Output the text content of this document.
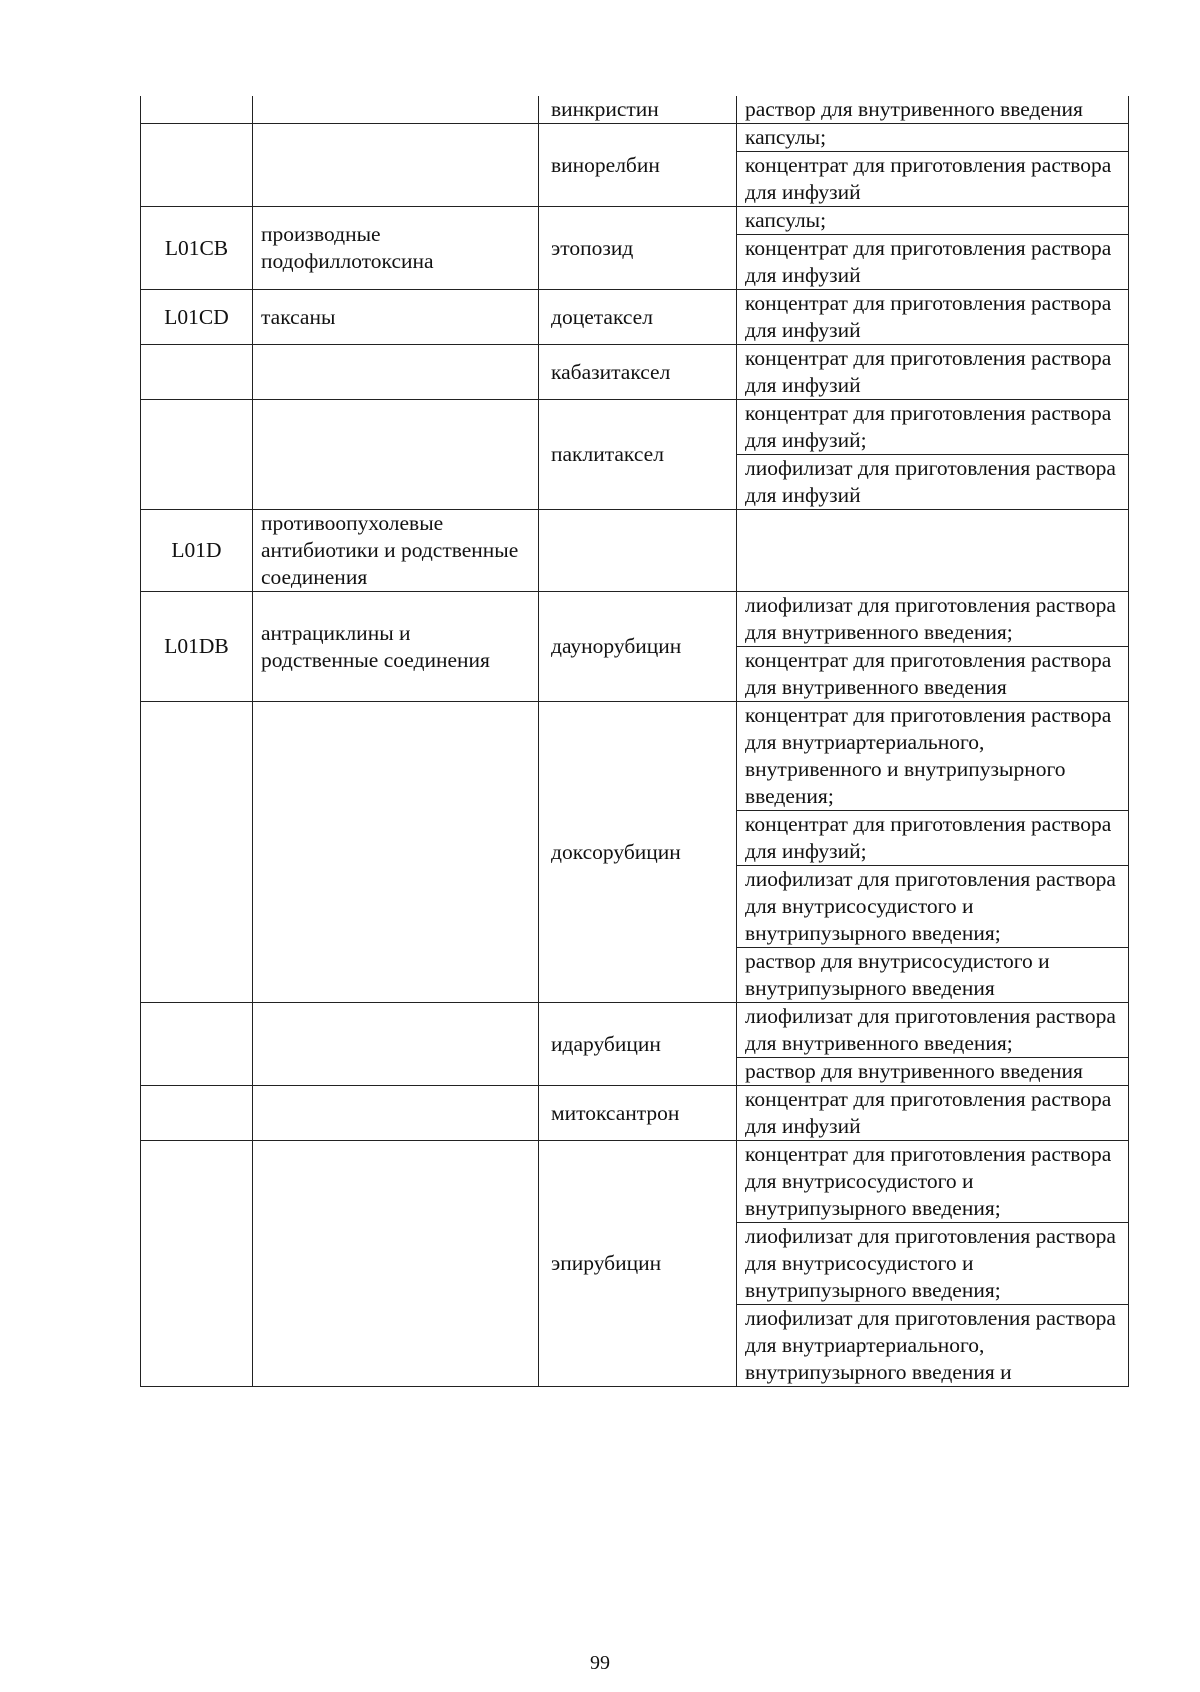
		винкристин	раствор для внутривенного введения

		винорелбин	капсулы;
концентрат для приготовления раствора для инфузий

L01CB	производные подофиллотоксина	этопозид	капсулы;
концентрат для приготовления раствора для инфузий

L01CD	таксаны	доцетаксел	концентрат для приготовления раствора для инфузий

		кабазитаксел	концентрат для приготовления раствора для инфузий

		паклитаксел	концентрат для приготовления раствора для инфузий;
лиофилизат для приготовления раствора для инфузий

L01D	противоопухолевые антибиотики и родственные соединения		

L01DB	антрациклины и родственные соединения	даунорубицин	лиофилизат для приготовления раствора для внутривенного введения;
концентрат для приготовления раствора для внутривенного введения

		доксорубицин	концентрат для приготовления раствора для внутриартериального, внутривенного и внутрипузырного введения;
концентрат для приготовления раствора для инфузий;
лиофилизат для приготовления раствора для внутрисосудистого и внутрипузырного введения;
раствор для внутрисосудистого и внутрипузырного введения

		идарубицин	лиофилизат для приготовления раствора для внутривенного введения;
раствор для внутривенного введения

		митоксантрон	концентрат для приготовления раствора для инфузий

		эпирубицин	концентрат для приготовления раствора для внутрисосудистого и внутрипузырного введения;
лиофилизат для приготовления раствора для внутрисосудистого и внутрипузырного введения;
лиофилизат для приготовления раствора для внутриартериального, внутрипузырного введения и
99
